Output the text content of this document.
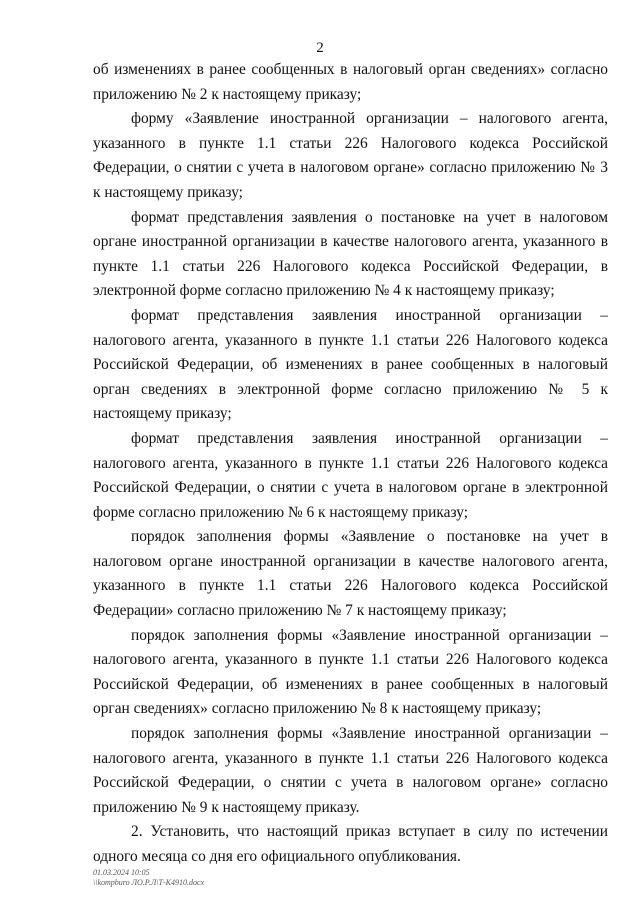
2

об изменениях в ранее сообщенных в налоговый орган сведениях» согласно приложению № 2 к настоящему приказу;

форму «Заявление иностранной организации – налогового агента, указанного в пункте 1.1 статьи 226 Налогового кодекса Российской Федерации, о снятии с учета в налоговом органе» согласно приложению № 3 к настоящему приказу;

формат представления заявления о постановке на учет в налоговом органе иностранной организации в качестве налогового агента, указанного в пункте 1.1 статьи 226 Налогового кодекса Российской Федерации, в электронной форме согласно приложению № 4 к настоящему приказу;

формат представления заявления иностранной организации – налогового агента, указанного в пункте 1.1 статьи 226 Налогового кодекса Российской Федерации, об изменениях в ранее сообщенных в налоговый орган сведениях в электронной форме согласно приложению № 5 к настоящему приказу;

формат представления заявления иностранной организации – налогового агента, указанного в пункте 1.1 статьи 226 Налогового кодекса Российской Федерации, о снятии с учета в налоговом органе в электронной форме согласно приложению № 6 к настоящему приказу;

порядок заполнения формы «Заявление о постановке на учет в налоговом органе иностранной организации в качестве налогового агента, указанного в пункте 1.1 статьи 226 Налогового кодекса Российской Федерации» согласно приложению № 7 к настоящему приказу;

порядок заполнения формы «Заявление иностранной организации – налогового агента, указанного в пункте 1.1 статьи 226 Налогового кодекса Российской Федерации, об изменениях в ранее сообщенных в налоговый орган сведениях» согласно приложению № 8 к настоящему приказу;

порядок заполнения формы «Заявление иностранной организации – налогового агента, указанного в пункте 1.1 статьи 226 Налогового кодекса Российской Федерации, о снятии с учета в налоговом органе» согласно приложению № 9 к настоящему приказу.

2. Установить, что настоящий приказ вступает в силу по истечении одного месяца со дня его официального опубликования.

01.03.2024 10:05
\\kompburo ЛО.Р.Л\Т-К4910.docx
